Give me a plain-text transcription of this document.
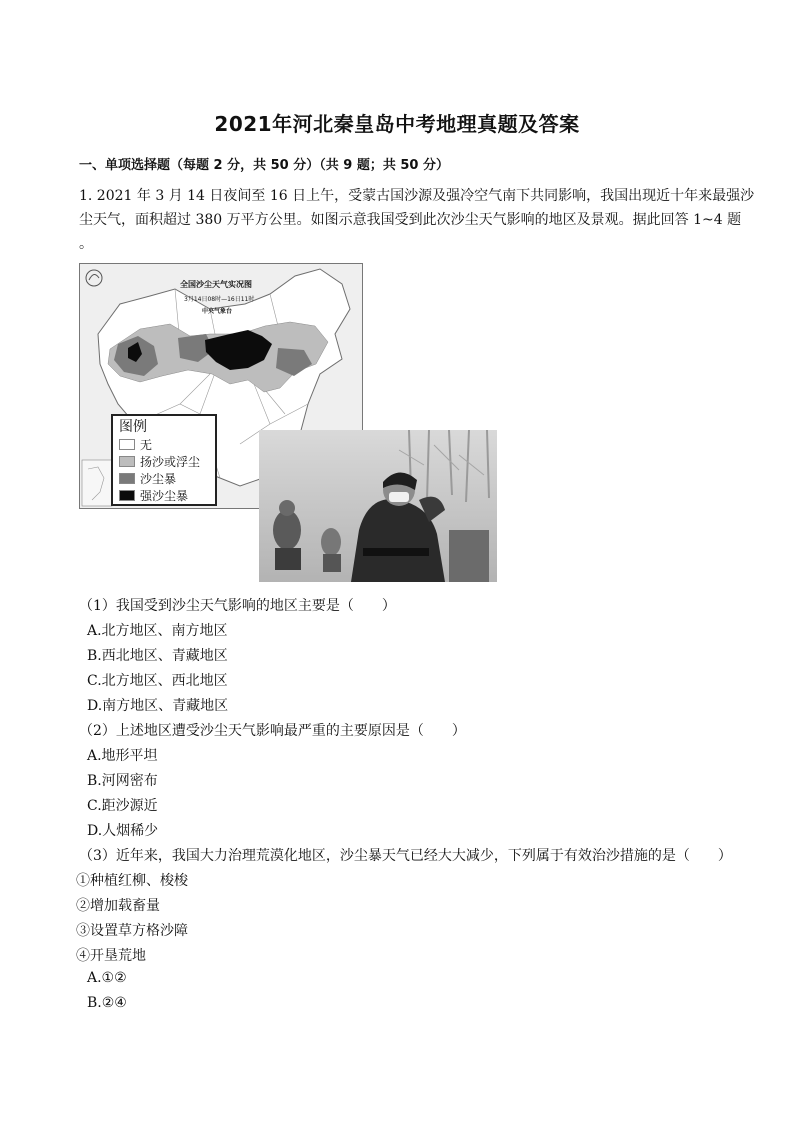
2021年河北秦皇岛中考地理真题及答案
一、单项选择题（每题 2 分，共 50 分）（共 9 题；共 50 分）
1. 2021 年 3 月 14 日夜间至 16 日上午，受蒙古国沙源及强冷空气南下共同影响，我国出现近十年来最强沙
尘天气，面积超过 380 万平方公里。如图示意我国受到此次沙尘天气影响的地区及景观。据此回答 1~4 题
。
全国沙尘天气实况图
3月14日08时—16日11时
中央气象台
图例
无
扬沙或浮尘
沙尘暴
强沙尘暴
（1）我国受到沙尘天气影响的地区主要是（　　）
A.北方地区、南方地区
B.西北地区、青藏地区
C.北方地区、西北地区
D.南方地区、青藏地区
（2）上述地区遭受沙尘天气影响最严重的主要原因是（　　）
A.地形平坦
B.河网密布
C.距沙源近
D.人烟稀少
（3）近年来，我国大力治理荒漠化地区，沙尘暴天气已经大大减少，下列属于有效治沙措施的是（　　）
①种植红柳、梭梭
②增加载畜量
③设置草方格沙障
④开垦荒地
A.①②
B.②④
